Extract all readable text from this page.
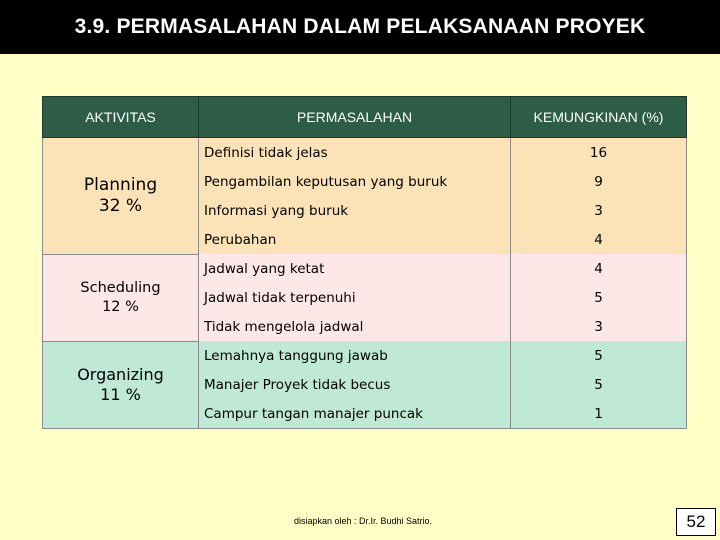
3.9. PERMASALAHAN DALAM PELAKSANAAN PROYEK
AKTIVITAS	PERMASALAHAN	KEMUNGKINAN (%)

Planning
32 %	Definisi tidak jelas	16
	Pengambilan keputusan yang buruk	9
	Informasi yang buruk	3
	Perubahan	4

Scheduling
12 %	Jadwal yang ketat	4
	Jadwal tidak terpenuhi	5
	Tidak mengelola jadwal	3

Organizing
11 %	Lemahnya tanggung jawab	5
	Manajer Proyek tidak becus	5
	Campur tangan manajer puncak	1
disiapkan oleh : Dr.Ir. Budhi Satrio.	52
